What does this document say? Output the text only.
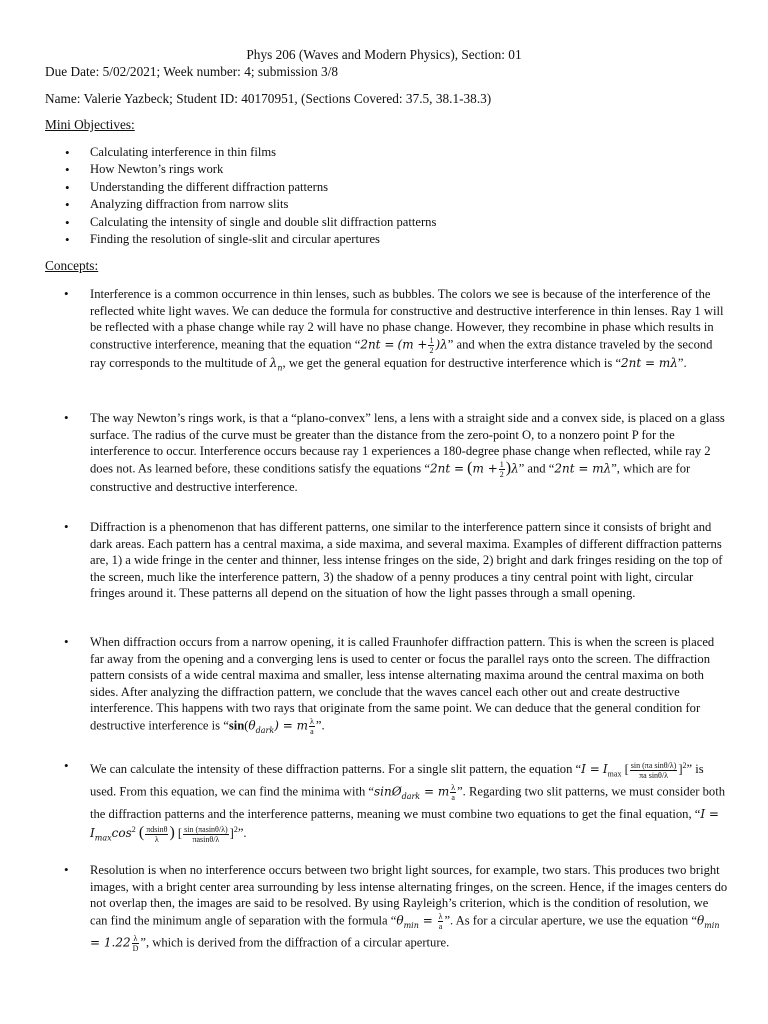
Phys 206 (Waves and Modern Physics), Section: 01
Due Date: 5/02/2021; Week number: 4; submission 3/8
Name: Valerie Yazbeck; Student ID: 40170951, (Sections Covered: 37.5, 38.1-38.3)
Mini Objectives:
• Calculating interference in thin films
• How Newton’s rings work
• Understanding the different diffraction patterns
• Analyzing diffraction from narrow slits
• Calculating the intensity of single and double slit diffraction patterns
• Finding the resolution of single-slit and circular apertures
Concepts:
• Interference is a common occurrence in thin lenses, such as bubbles. The colors we see is because of the interference of the reflected white light waves. We can deduce the formula for constructive and destructive interference in thin lenses. Ray 1 will be reflected with a phase change while ray 2 will have no phase change. However, they recombine in phase which results in constructive interference, meaning that the equation “$2nt = (m + \frac{1}{2} )\lambda$” and when the extra distance traveled by the second ray corresponds to the multitude of $\lambda_n$, we get the general equation for destructive interference which is “2nt = mλ”.
• The way Newton’s rings work, is that a “plano-convex” lens, a lens with a straight side and a convex side, is placed on a glass surface. The radius of the curve must be greater than the distance from the zero-point O, to a nonzero point P for the interference to occur. Interference occurs because ray 1 experiences a 180-degree phase change when reflected, while ray 2 does not. As learned before, these conditions satisfy the equations “$2nt = (m + \frac{1}{2} )\lambda$” and “2nt = mλ”, which are for constructive and destructive interference.
• Diffraction is a phenomenon that has different patterns, one similar to the interference pattern since it consists of bright and dark areas. Each pattern has a central maxima, a side maxima, and several maxima. Examples of different diffraction patterns are, 1) a wide fringe in the center and thinner, less intense fringes on the side, 2) bright and dark fringes residing on the top of the screen, much like the interference pattern, 3) the shadow of a penny produces a tiny central point with light, circular fringes around it. These patterns all depend on the situation of how the light passes through a small opening.
• When diffraction occurs from a narrow opening, it is called Fraunhofer diffraction pattern. This is when the screen is placed far away from the opening and a converging lens is used to center or focus the parallel rays onto the screen. The diffraction pattern consists of a wide central maxima and smaller, less intense alternating maxima around the central maxima on both sides. After analyzing the diffraction pattern, we conclude that the waves cancel each other out and create destructive interference. This happens with two rays that originate from the same point. We can deduce that the general condition for destructive interference is “$\sin(\theta_{dark}) = m \frac{\lambda}{a}$ ”.
• We can calculate the intensity of these diffraction patterns. For a single slit pattern, the equation “$I = I_{max}$ [ $\frac{\text{sin (πa sinθ/λ)}}{\text{πa sinθ/λ}} ]^2$” is used. From this equation, we can find the minima with “sinØ$_{dark}$ = m $\frac{\lambda}{a}$ ”. Regarding two slit patterns, we must consider both the diffraction patterns and the interference patterns, meaning we must combine two equations to get the final equation, “$I = I_{max}\cos^2$ ( $\frac{\pi dsin\theta}{\lambda}$ ) [ $\frac{\sin (\pi asin\theta/\lambda)}{\pi asin\theta/\lambda} ]^2$”.
• Resolution is when no interference occurs between two bright light sources, for example, two stars. This produces two bright images, with a bright center area surrounding by less intense alternating fringes, on the screen. Hence, if the images centers do not overlap then, the images are said to be resolved. By using Rayleigh’s criterion, which is the condition of resolution, we can find the minimum angle of separation with the formula “$\theta_{min} = \frac{\lambda}{a}$ ”. As for a circular aperture, we use the equation “$\theta_{min} = 1.22 \frac{\lambda}{D}$ ”, which is derived from the diffraction of a circular aperture.
